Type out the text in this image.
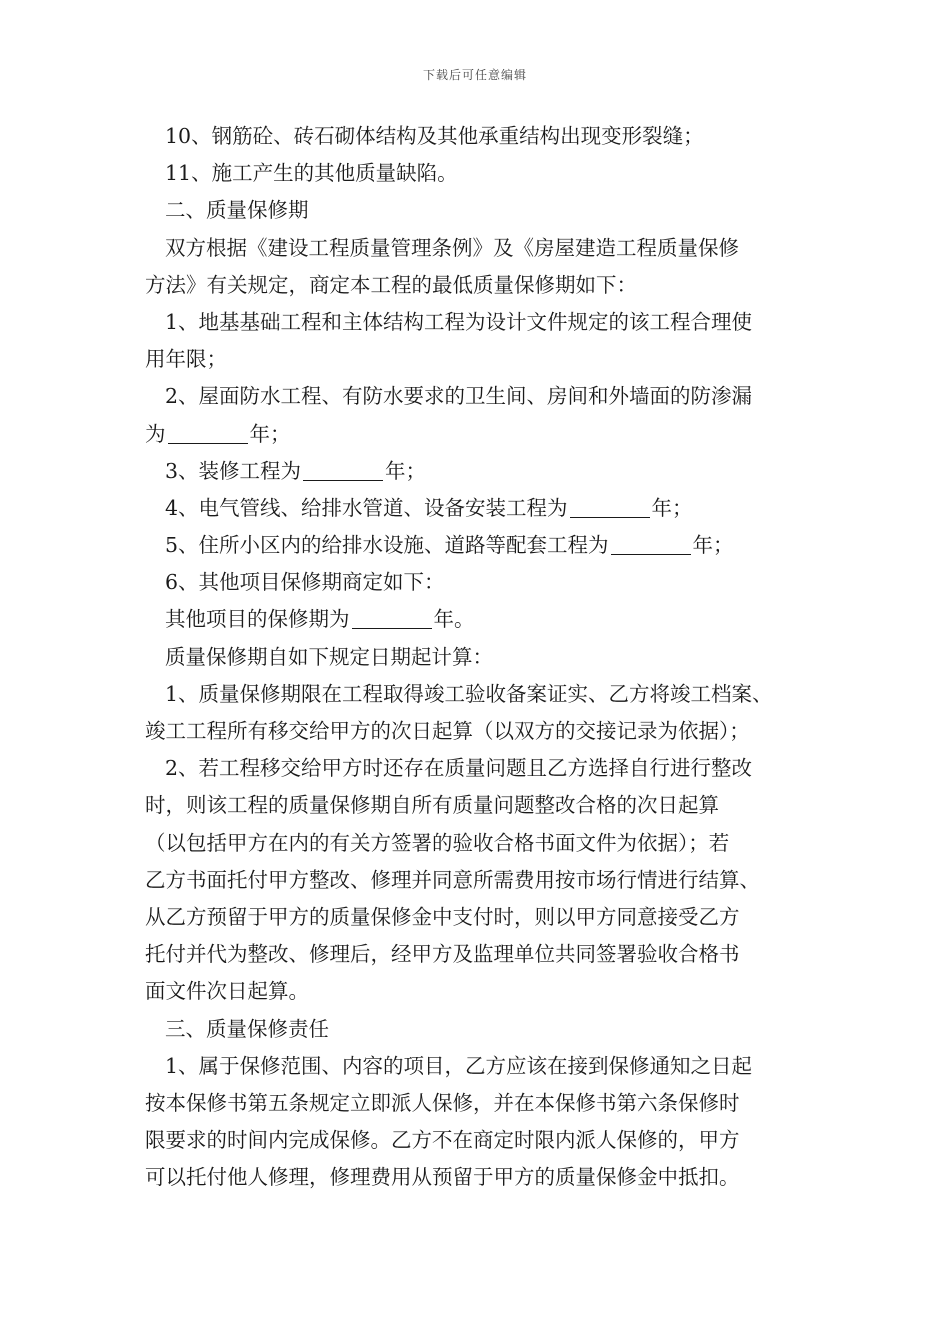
下载后可任意编辑
10、钢筋砼、砖石砌体结构及其他承重结构出现变形裂缝；
11、施工产生的其他质量缺陷。
二、质量保修期
双方根据《建设工程质量管理条例》及《房屋建造工程质量保修
方法》有关规定，商定本工程的最低质量保修期如下：
1、地基基础工程和主体结构工程为设计文件规定的该工程合理使
用年限；
2、屋面防水工程、有防水要求的卫生间、房间和外墙面的防渗漏
为	年；
3、装修工程为	年；
4、电气管线、给排水管道、设备安装工程为	年；
5、住所小区内的给排水设施、道路等配套工程为	年；
6、其他项目保修期商定如下：
其他项目的保修期为	年。
质量保修期自如下规定日期起计算：
1、质量保修期限在工程取得竣工验收备案证实、乙方将竣工档案、
竣工工程所有移交给甲方的次日起算（以双方的交接记录为依据）；
2、若工程移交给甲方时还存在质量问题且乙方选择自行进行整改
时，则该工程的质量保修期自所有质量问题整改合格的次日起算
（以包括甲方在内的有关方签署的验收合格书面文件为依据）；若
乙方书面托付甲方整改、修理并同意所需费用按市场行情进行结算、
从乙方预留于甲方的质量保修金中支付时，则以甲方同意接受乙方
托付并代为整改、修理后，经甲方及监理单位共同签署验收合格书
面文件次日起算。
三、质量保修责任
1、属于保修范围、内容的项目，乙方应该在接到保修通知之日起
按本保修书第五条规定立即派人保修，并在本保修书第六条保修时
限要求的时间内完成保修。乙方不在商定时限内派人保修的，甲方
可以托付他人修理，修理费用从预留于甲方的质量保修金中抵扣。
